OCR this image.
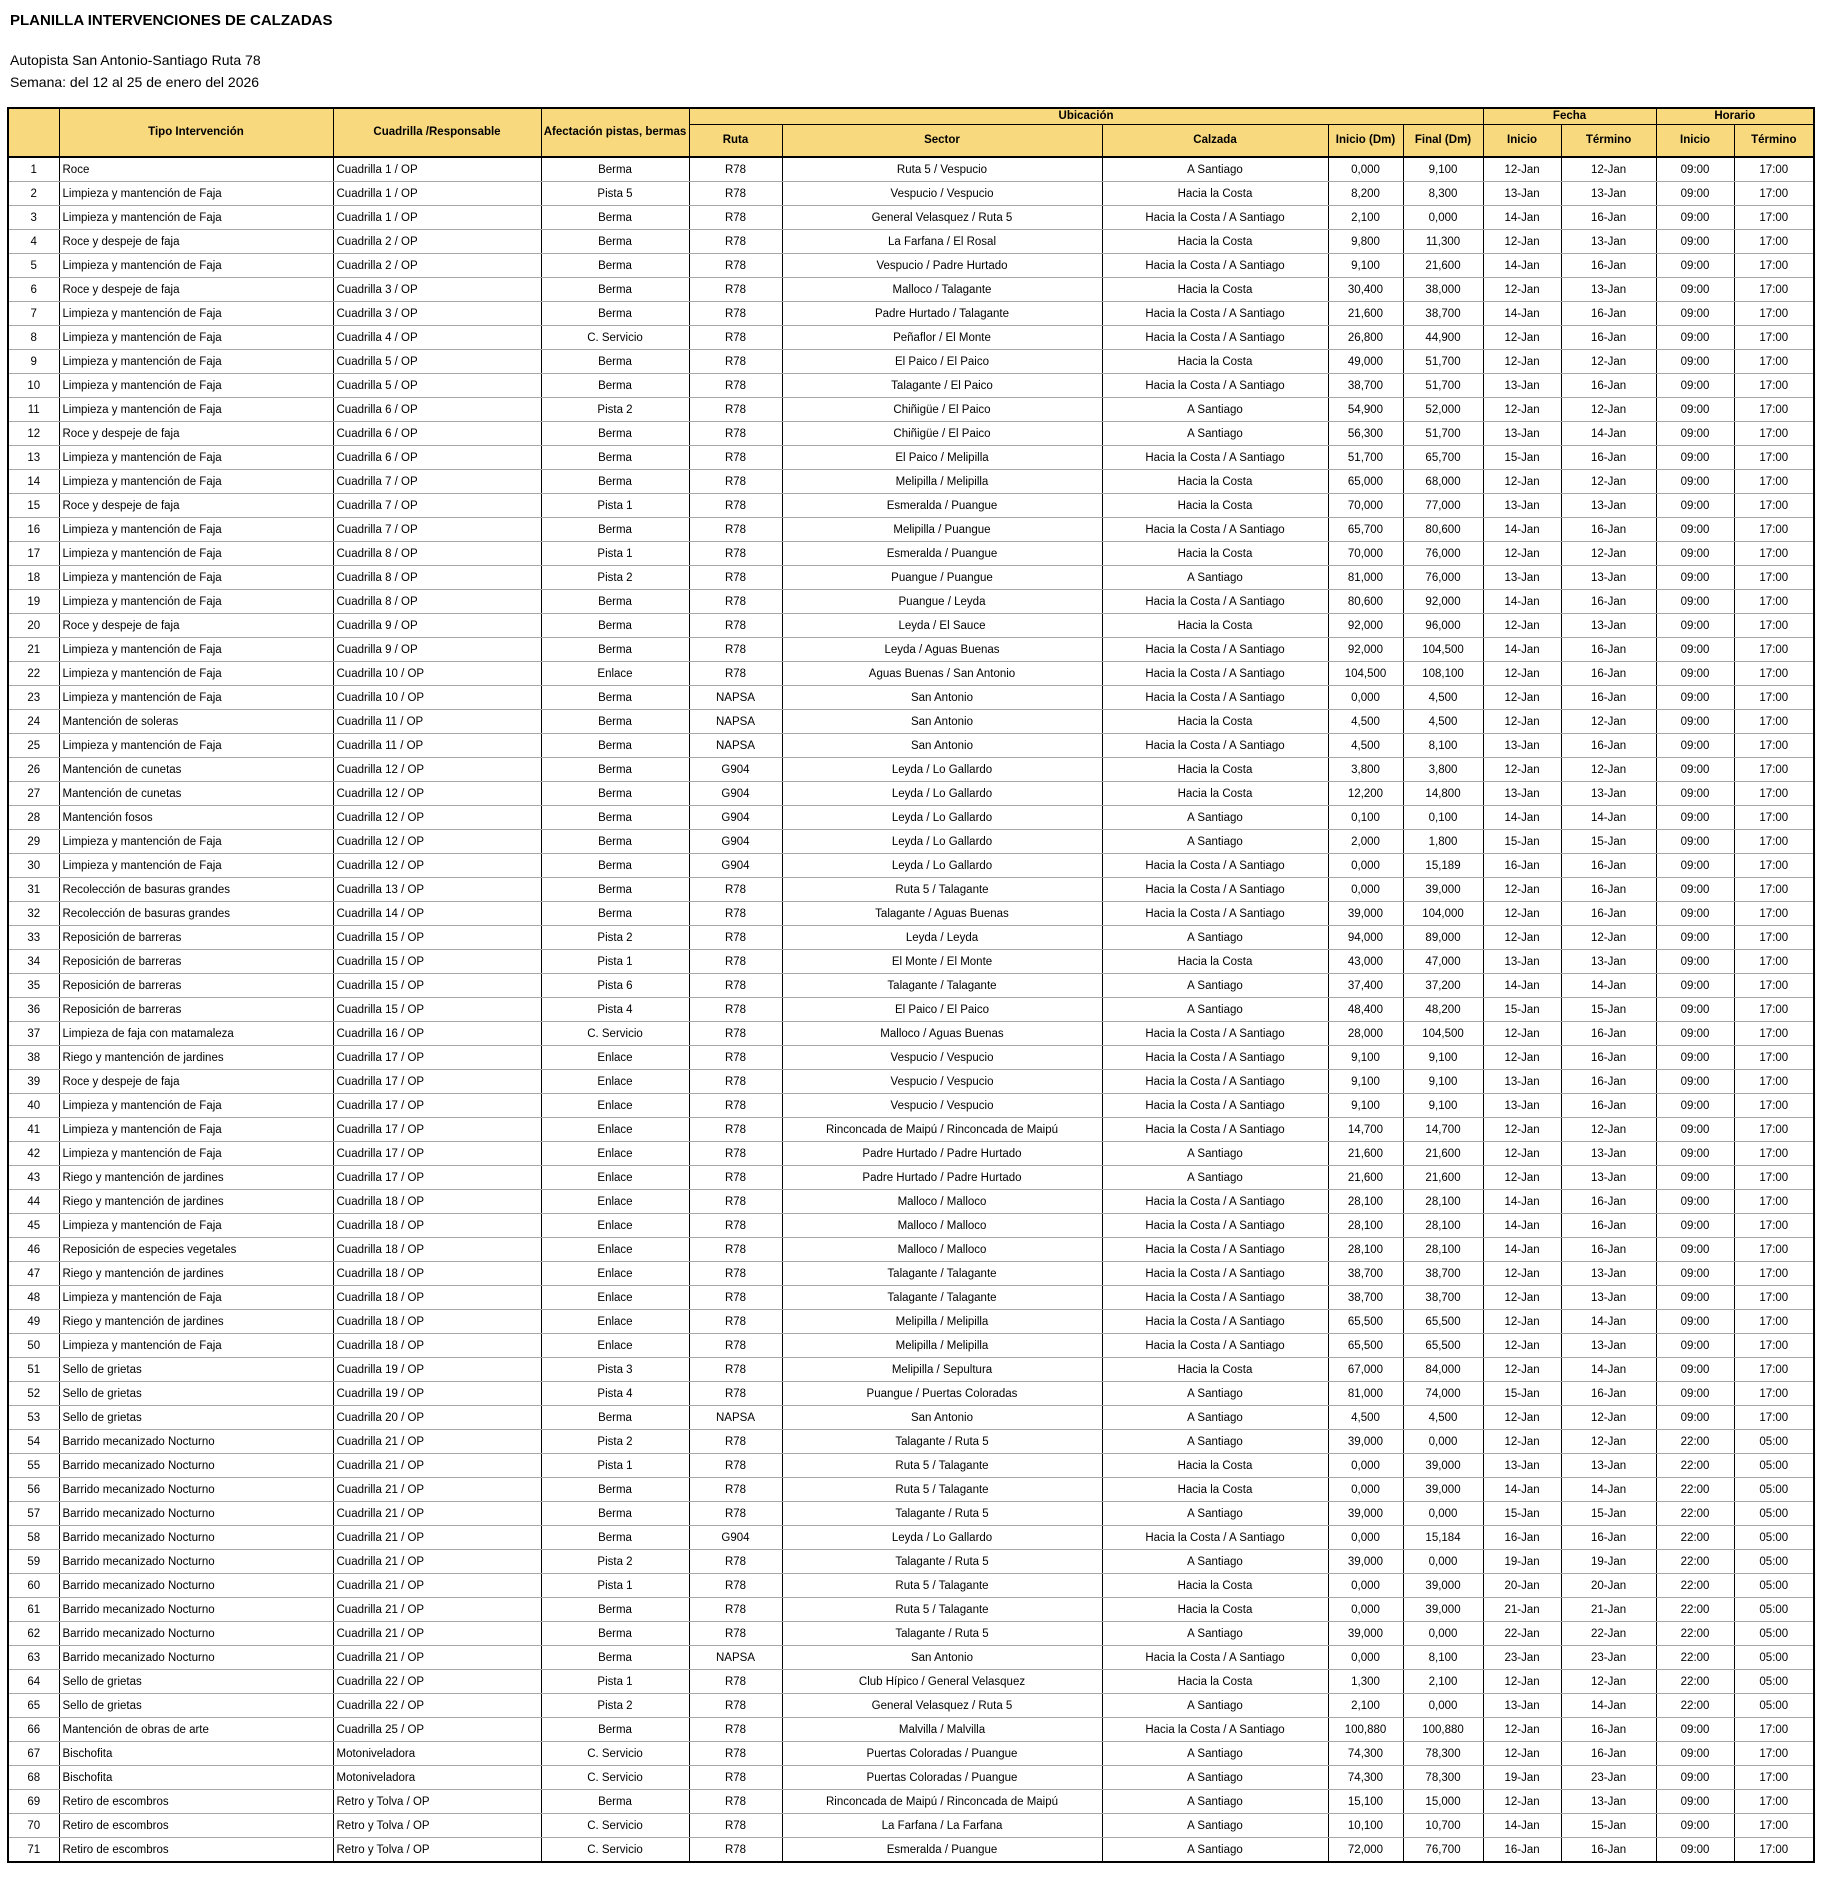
PLANILLA INTERVENCIONES DE CALZADAS
Autopista San Antonio-Santiago Ruta 78
Semana: del 12 al 25 de enero del 2026
	Tipo Intervención	Cuadrilla /Responsable	Afectación pistas, bermas	Ubicación					Fecha		Horario	
				Ruta	Sector	Calzada	Inicio (Dm)	Final (Dm)	Inicio	Término	Inicio	Término
1	Roce	Cuadrilla 1 / OP	Berma	R78	Ruta 5 / Vespucio	A Santiago	0,000	9,100	12-Jan	12-Jan	09:00	17:00
2	Limpieza y mantención de Faja	Cuadrilla 1 / OP	Pista 5	R78	Vespucio / Vespucio	Hacia la Costa	8,200	8,300	13-Jan	13-Jan	09:00	17:00
3	Limpieza y mantención de Faja	Cuadrilla 1 / OP	Berma	R78	General Velasquez / Ruta 5	Hacia la Costa / A Santiago	2,100	0,000	14-Jan	16-Jan	09:00	17:00
4	Roce y despeje de faja	Cuadrilla 2 / OP	Berma	R78	La Farfana / El Rosal	Hacia la Costa	9,800	11,300	12-Jan	13-Jan	09:00	17:00
5	Limpieza y mantención de Faja	Cuadrilla 2 / OP	Berma	R78	Vespucio / Padre Hurtado	Hacia la Costa / A Santiago	9,100	21,600	14-Jan	16-Jan	09:00	17:00
6	Roce y despeje de faja	Cuadrilla 3 / OP	Berma	R78	Malloco / Talagante	Hacia la Costa	30,400	38,000	12-Jan	13-Jan	09:00	17:00
7	Limpieza y mantención de Faja	Cuadrilla 3 / OP	Berma	R78	Padre Hurtado / Talagante	Hacia la Costa / A Santiago	21,600	38,700	14-Jan	16-Jan	09:00	17:00
8	Limpieza y mantención de Faja	Cuadrilla 4 / OP	C. Servicio	R78	Peñaflor / El Monte	Hacia la Costa / A Santiago	26,800	44,900	12-Jan	16-Jan	09:00	17:00
9	Limpieza y mantención de Faja	Cuadrilla 5 / OP	Berma	R78	El Paico / El Paico	Hacia la Costa	49,000	51,700	12-Jan	12-Jan	09:00	17:00
10	Limpieza y mantención de Faja	Cuadrilla 5 / OP	Berma	R78	Talagante / El Paico	Hacia la Costa / A Santiago	38,700	51,700	13-Jan	16-Jan	09:00	17:00
11	Limpieza y mantención de Faja	Cuadrilla 6 / OP	Pista 2	R78	Chiñigüe / El Paico	A Santiago	54,900	52,000	12-Jan	12-Jan	09:00	17:00
12	Roce y despeje de faja	Cuadrilla 6 / OP	Berma	R78	Chiñigüe / El Paico	A Santiago	56,300	51,700	13-Jan	14-Jan	09:00	17:00
13	Limpieza y mantención de Faja	Cuadrilla 6 / OP	Berma	R78	El Paico / Melipilla	Hacia la Costa / A Santiago	51,700	65,700	15-Jan	16-Jan	09:00	17:00
14	Limpieza y mantención de Faja	Cuadrilla 7 / OP	Berma	R78	Melipilla / Melipilla	Hacia la Costa	65,000	68,000	12-Jan	12-Jan	09:00	17:00
15	Roce y despeje de faja	Cuadrilla 7 / OP	Pista 1	R78	Esmeralda / Puangue	Hacia la Costa	70,000	77,000	13-Jan	13-Jan	09:00	17:00
16	Limpieza y mantención de Faja	Cuadrilla 7 / OP	Berma	R78	Melipilla / Puangue	Hacia la Costa / A Santiago	65,700	80,600	14-Jan	16-Jan	09:00	17:00
17	Limpieza y mantención de Faja	Cuadrilla 8 / OP	Pista 1	R78	Esmeralda / Puangue	Hacia la Costa	70,000	76,000	12-Jan	12-Jan	09:00	17:00
18	Limpieza y mantención de Faja	Cuadrilla 8 / OP	Pista 2	R78	Puangue / Puangue	A Santiago	81,000	76,000	13-Jan	13-Jan	09:00	17:00
19	Limpieza y mantención de Faja	Cuadrilla 8 / OP	Berma	R78	Puangue / Leyda	Hacia la Costa / A Santiago	80,600	92,000	14-Jan	16-Jan	09:00	17:00
20	Roce y despeje de faja	Cuadrilla 9 / OP	Berma	R78	Leyda / El Sauce	Hacia la Costa	92,000	96,000	12-Jan	13-Jan	09:00	17:00
21	Limpieza y mantención de Faja	Cuadrilla 9 / OP	Berma	R78	Leyda / Aguas Buenas	Hacia la Costa / A Santiago	92,000	104,500	14-Jan	16-Jan	09:00	17:00
22	Limpieza y mantención de Faja	Cuadrilla 10 / OP	Enlace	R78	Aguas Buenas / San Antonio	Hacia la Costa / A Santiago	104,500	108,100	12-Jan	16-Jan	09:00	17:00
23	Limpieza y mantención de Faja	Cuadrilla 10 / OP	Berma	NAPSA	San Antonio	Hacia la Costa / A Santiago	0,000	4,500	12-Jan	16-Jan	09:00	17:00
24	Mantención de soleras	Cuadrilla 11 / OP	Berma	NAPSA	San Antonio	Hacia la Costa	4,500	4,500	12-Jan	12-Jan	09:00	17:00
25	Limpieza y mantención de Faja	Cuadrilla 11 / OP	Berma	NAPSA	San Antonio	Hacia la Costa / A Santiago	4,500	8,100	13-Jan	16-Jan	09:00	17:00
26	Mantención de cunetas	Cuadrilla 12 / OP	Berma	G904	Leyda / Lo Gallardo	Hacia la Costa	3,800	3,800	12-Jan	12-Jan	09:00	17:00
27	Mantención de cunetas	Cuadrilla 12 / OP	Berma	G904	Leyda / Lo Gallardo	Hacia la Costa	12,200	14,800	13-Jan	13-Jan	09:00	17:00
28	Mantención fosos	Cuadrilla 12 / OP	Berma	G904	Leyda / Lo Gallardo	A Santiago	0,100	0,100	14-Jan	14-Jan	09:00	17:00
29	Limpieza y mantención de Faja	Cuadrilla 12 / OP	Berma	G904	Leyda / Lo Gallardo	A Santiago	2,000	1,800	15-Jan	15-Jan	09:00	17:00
30	Limpieza y mantención de Faja	Cuadrilla 12 / OP	Berma	G904	Leyda / Lo Gallardo	Hacia la Costa / A Santiago	0,000	15,189	16-Jan	16-Jan	09:00	17:00
31	Recolección de basuras grandes	Cuadrilla 13 / OP	Berma	R78	Ruta 5 / Talagante	Hacia la Costa / A Santiago	0,000	39,000	12-Jan	16-Jan	09:00	17:00
32	Recolección de basuras grandes	Cuadrilla 14 / OP	Berma	R78	Talagante / Aguas Buenas	Hacia la Costa / A Santiago	39,000	104,000	12-Jan	16-Jan	09:00	17:00
33	Reposición de barreras	Cuadrilla 15 / OP	Pista 2	R78	Leyda / Leyda	A Santiago	94,000	89,000	12-Jan	12-Jan	09:00	17:00
34	Reposición de barreras	Cuadrilla 15 / OP	Pista 1	R78	El Monte / El Monte	Hacia la Costa	43,000	47,000	13-Jan	13-Jan	09:00	17:00
35	Reposición de barreras	Cuadrilla 15 / OP	Pista 6	R78	Talagante / Talagante	A Santiago	37,400	37,200	14-Jan	14-Jan	09:00	17:00
36	Reposición de barreras	Cuadrilla 15 / OP	Pista 4	R78	El Paico / El Paico	A Santiago	48,400	48,200	15-Jan	15-Jan	09:00	17:00
37	Limpieza de faja con matamaleza	Cuadrilla 16 / OP	C. Servicio	R78	Malloco / Aguas Buenas	Hacia la Costa / A Santiago	28,000	104,500	12-Jan	16-Jan	09:00	17:00
38	Riego y mantención de jardines	Cuadrilla 17 / OP	Enlace	R78	Vespucio / Vespucio	Hacia la Costa / A Santiago	9,100	9,100	12-Jan	16-Jan	09:00	17:00
39	Roce y despeje de faja	Cuadrilla 17 / OP	Enlace	R78	Vespucio / Vespucio	Hacia la Costa / A Santiago	9,100	9,100	13-Jan	16-Jan	09:00	17:00
40	Limpieza y mantención de Faja	Cuadrilla 17 / OP	Enlace	R78	Vespucio / Vespucio	Hacia la Costa / A Santiago	9,100	9,100	13-Jan	16-Jan	09:00	17:00
41	Limpieza y mantención de Faja	Cuadrilla 17 / OP	Enlace	R78	Rinconcada de Maipú / Rinconcada de Maipú	Hacia la Costa / A Santiago	14,700	14,700	12-Jan	12-Jan	09:00	17:00
42	Limpieza y mantención de Faja	Cuadrilla 17 / OP	Enlace	R78	Padre Hurtado / Padre Hurtado	A Santiago	21,600	21,600	12-Jan	13-Jan	09:00	17:00
43	Riego y mantención de jardines	Cuadrilla 17 / OP	Enlace	R78	Padre Hurtado / Padre Hurtado	A Santiago	21,600	21,600	12-Jan	13-Jan	09:00	17:00
44	Riego y mantención de jardines	Cuadrilla 18 / OP	Enlace	R78	Malloco / Malloco	Hacia la Costa / A Santiago	28,100	28,100	14-Jan	16-Jan	09:00	17:00
45	Limpieza y mantención de Faja	Cuadrilla 18 / OP	Enlace	R78	Malloco / Malloco	Hacia la Costa / A Santiago	28,100	28,100	14-Jan	16-Jan	09:00	17:00
46	Reposición de especies vegetales	Cuadrilla 18 / OP	Enlace	R78	Malloco / Malloco	Hacia la Costa / A Santiago	28,100	28,100	14-Jan	16-Jan	09:00	17:00
47	Riego y mantención de jardines	Cuadrilla 18 / OP	Enlace	R78	Talagante / Talagante	Hacia la Costa / A Santiago	38,700	38,700	12-Jan	13-Jan	09:00	17:00
48	Limpieza y mantención de Faja	Cuadrilla 18 / OP	Enlace	R78	Talagante / Talagante	Hacia la Costa / A Santiago	38,700	38,700	12-Jan	13-Jan	09:00	17:00
49	Riego y mantención de jardines	Cuadrilla 18 / OP	Enlace	R78	Melipilla / Melipilla	Hacia la Costa / A Santiago	65,500	65,500	12-Jan	14-Jan	09:00	17:00
50	Limpieza y mantención de Faja	Cuadrilla 18 / OP	Enlace	R78	Melipilla / Melipilla	Hacia la Costa / A Santiago	65,500	65,500	12-Jan	13-Jan	09:00	17:00
51	Sello de grietas	Cuadrilla 19 / OP	Pista 3	R78	Melipilla / Sepultura	Hacia la Costa	67,000	84,000	12-Jan	14-Jan	09:00	17:00
52	Sello de grietas	Cuadrilla 19 / OP	Pista 4	R78	Puangue / Puertas Coloradas	A Santiago	81,000	74,000	15-Jan	16-Jan	09:00	17:00
53	Sello de grietas	Cuadrilla 20 / OP	Berma	NAPSA	San Antonio	A Santiago	4,500	4,500	12-Jan	12-Jan	09:00	17:00
54	Barrido mecanizado Nocturno	Cuadrilla 21 / OP	Pista 2	R78	Talagante / Ruta 5	A Santiago	39,000	0,000	12-Jan	12-Jan	22:00	05:00
55	Barrido mecanizado Nocturno	Cuadrilla 21 / OP	Pista 1	R78	Ruta 5 / Talagante	Hacia la Costa	0,000	39,000	13-Jan	13-Jan	22:00	05:00
56	Barrido mecanizado Nocturno	Cuadrilla 21 / OP	Berma	R78	Ruta 5 / Talagante	Hacia la Costa	0,000	39,000	14-Jan	14-Jan	22:00	05:00
57	Barrido mecanizado Nocturno	Cuadrilla 21 / OP	Berma	R78	Talagante / Ruta 5	A Santiago	39,000	0,000	15-Jan	15-Jan	22:00	05:00
58	Barrido mecanizado Nocturno	Cuadrilla 21 / OP	Berma	G904	Leyda / Lo Gallardo	Hacia la Costa / A Santiago	0,000	15,184	16-Jan	16-Jan	22:00	05:00
59	Barrido mecanizado Nocturno	Cuadrilla 21 / OP	Pista 2	R78	Talagante / Ruta 5	A Santiago	39,000	0,000	19-Jan	19-Jan	22:00	05:00
60	Barrido mecanizado Nocturno	Cuadrilla 21 / OP	Pista 1	R78	Ruta 5 / Talagante	Hacia la Costa	0,000	39,000	20-Jan	20-Jan	22:00	05:00
61	Barrido mecanizado Nocturno	Cuadrilla 21 / OP	Berma	R78	Ruta 5 / Talagante	Hacia la Costa	0,000	39,000	21-Jan	21-Jan	22:00	05:00
62	Barrido mecanizado Nocturno	Cuadrilla 21 / OP	Berma	R78	Talagante / Ruta 5	A Santiago	39,000	0,000	22-Jan	22-Jan	22:00	05:00
63	Barrido mecanizado Nocturno	Cuadrilla 21 / OP	Berma	NAPSA	San Antonio	Hacia la Costa / A Santiago	0,000	8,100	23-Jan	23-Jan	22:00	05:00
64	Sello de grietas	Cuadrilla 22 / OP	Pista 1	R78	Club Hípico / General Velasquez	Hacia la Costa	1,300	2,100	12-Jan	12-Jan	22:00	05:00
65	Sello de grietas	Cuadrilla 22 / OP	Pista 2	R78	General Velasquez / Ruta 5	A Santiago	2,100	0,000	13-Jan	14-Jan	22:00	05:00
66	Mantención de obras de arte	Cuadrilla 25 / OP	Berma	R78	Malvilla / Malvilla	Hacia la Costa / A Santiago	100,880	100,880	12-Jan	16-Jan	09:00	17:00
67	Bischofita	Motoniveladora	C. Servicio	R78	Puertas Coloradas / Puangue	A Santiago	74,300	78,300	12-Jan	16-Jan	09:00	17:00
68	Bischofita	Motoniveladora	C. Servicio	R78	Puertas Coloradas / Puangue	A Santiago	74,300	78,300	19-Jan	23-Jan	09:00	17:00
69	Retiro de escombros	Retro y Tolva / OP	Berma	R78	Rinconcada de Maipú / Rinconcada de Maipú	A Santiago	15,100	15,000	12-Jan	13-Jan	09:00	17:00
70	Retiro de escombros	Retro y Tolva / OP	C. Servicio	R78	La Farfana / La Farfana	A Santiago	10,100	10,700	14-Jan	15-Jan	09:00	17:00
71	Retiro de escombros	Retro y Tolva / OP	C. Servicio	R78	Esmeralda / Puangue	A Santiago	72,000	76,700	16-Jan	16-Jan	09:00	17:00
